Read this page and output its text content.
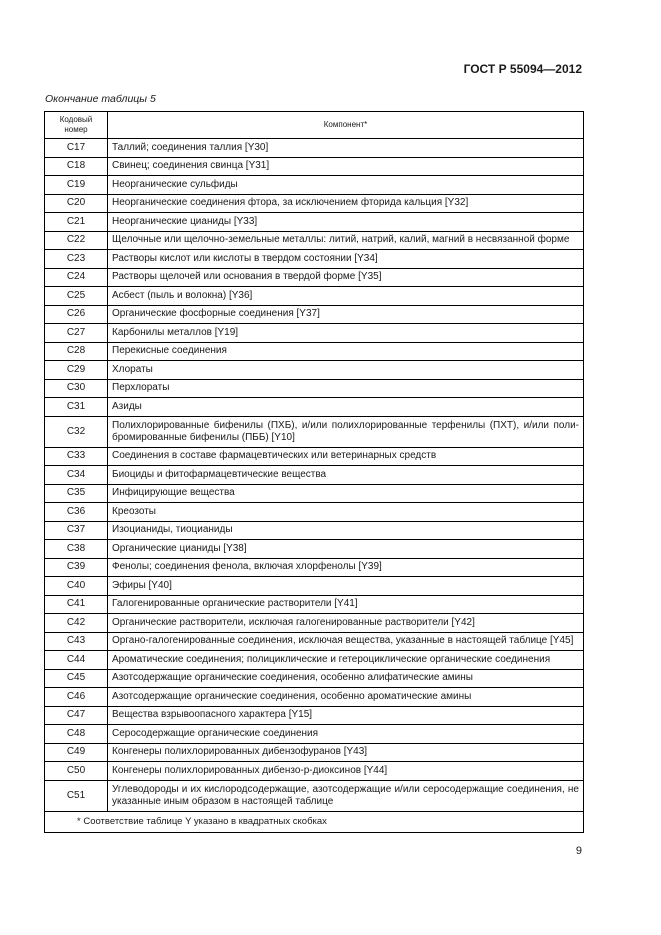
ГОСТ Р 55094—2012
Окончание таблицы 5
Кодовый номер	Компонент*
C17	Таллий; соединения таллия [Y30]
C18	Свинец; соединения свинца [Y31]
C19	Неорганические сульфиды
C20	Неорганические соединения фтора, за исключением фторида кальция [Y32]
C21	Неорганические цианиды [Y33]
C22	Щелочные или щелочно-земельные металлы: литий, натрий, калий, магний в несвязанной форме
C23	Растворы кислот или кислоты в твердом состоянии [Y34]
C24	Растворы щелочей или основания в твердой форме [Y35]
C25	Асбест (пыль и волокна) [Y36]
C26	Органические фосфорные соединения [Y37]
C27	Карбонилы металлов [Y19]
C28	Перекисные соединения
C29	Хлораты
C30	Перхлораты
C31	Азиды
C32	Полихлорированные бифенилы (ПХБ), и/или полихлорированные терфенилы (ПХТ), и/или полибромированные бифенилы (ПББ) [Y10]
C33	Соединения в составе фармацевтических или ветеринарных средств
C34	Биоциды и фитофармацевтические вещества
C35	Инфицирующие вещества
C36	Креозоты
C37	Изоцианиды, тиоцианиды
C38	Органические цианиды [Y38]
C39	Фенолы; соединения фенола, включая хлорфенолы [Y39]
C40	Эфиры [Y40]
C41	Галогенированные органические растворители [Y41]
C42	Органические растворители, исключая галогенированные растворители [Y42]
C43	Органо-галогенированные соединения, исключая вещества, указанные в настоящей таблице [Y45]
C44	Ароматические соединения; полициклические и гетероциклические органические соединения
C45	Азотсодержащие органические соединения, особенно алифатические амины
C46	Азотсодержащие органические соединения, особенно ароматические амины
C47	Вещества взрывоопасного характера [Y15]
C48	Серосодержащие органические соединения
C49	Конгенеры полихлорированных дибензофуранов [Y43]
C50	Конгенеры полихлорированных дибензо-р-диоксинов [Y44]
C51	Углеводороды и их кислородсодержащие, азотсодержащие и/или серосодержащие соединения, не указанные иным образом в настоящей таблице
* Соответствие таблице Y указано в квадратных скобках	
9
